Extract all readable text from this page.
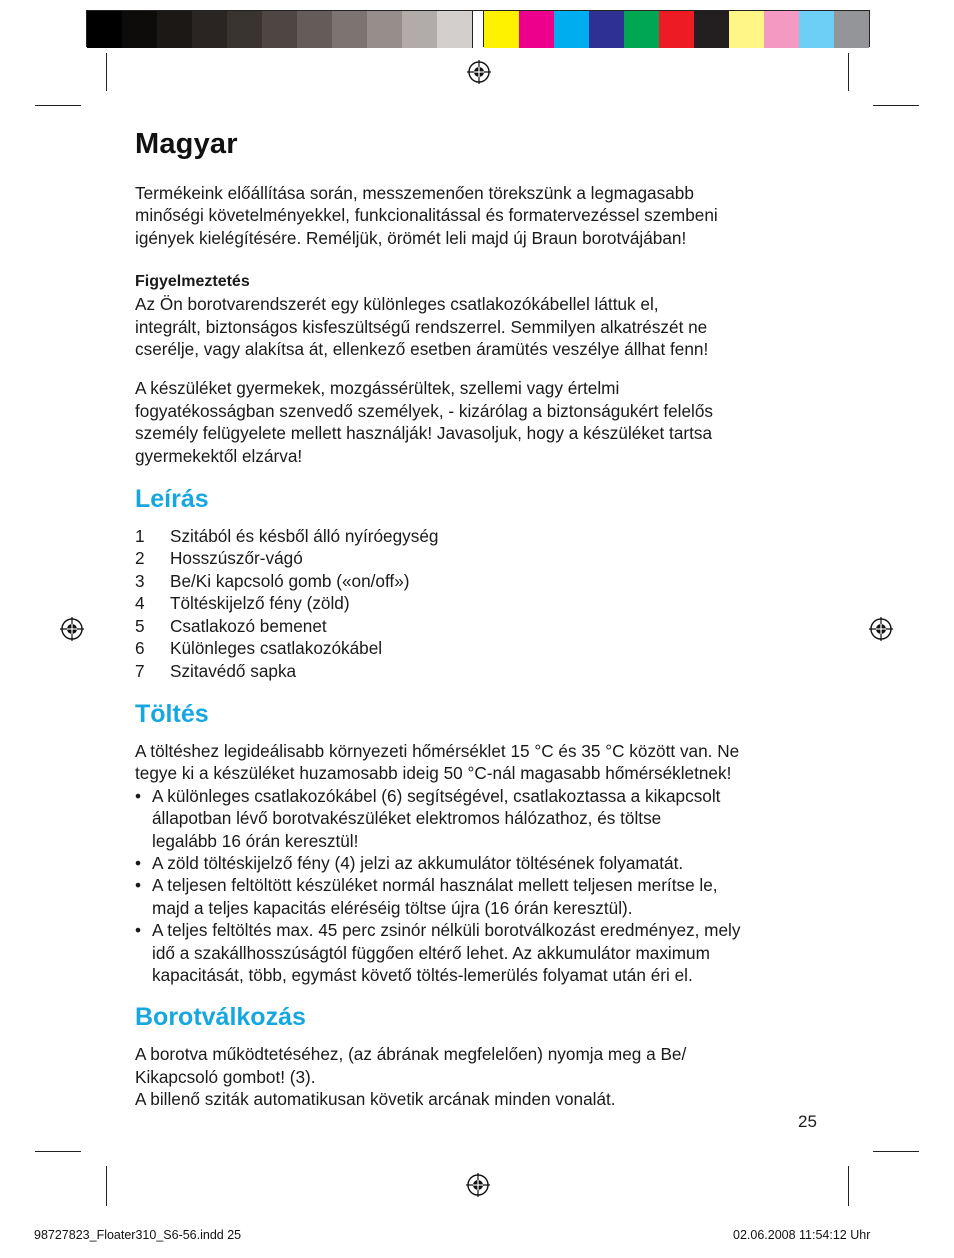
Magyar

Termékeink előállítása során, messzemenően törekszünk a legmagasabb

minőségi követelményekkel, funkcionalitással és formatervezéssel szembeni

igények kielégítésére. Reméljük, örömét leli majd új Braun borotvájában!

Figyelmeztetés

Az Ön borotvarendszerét egy különleges csatlakozókábellel láttuk el,

integrált, biztonságos kisfeszültségű rendszerrel. Semmilyen alkatrészét ne

cserélje, vagy alakítsa át, ellenkező esetben áramütés veszélye állhat fenn!

A készüléket gyermekek, mozgássérültek, szellemi vagy értelmi

fogyatékosságban szenvedő személyek, - kizárólag a biztonságukért felelős

személy felügyelete mellett használják! Javasoljuk, hogy a készüléket tartsa

gyermekektől elzárva!

Leírás
1	Szitából és késből álló nyíróegység
2	Hosszúszőr-vágó
3	Be/Ki kapcsoló gomb («on/off»)
4	Töltéskijelző fény (zöld)
5	Csatlakozó bemenet
6	Különleges csatlakozókábel
7	Szitavédő sapka
Töltés

A töltéshez legideálisabb környezeti hőmérséklet 15 °C és 35 °C között van. Ne

tegye ki a készüléket huzamosabb ideig 50 °C-nál magasabb hőmérsékletnek!

• A különleges csatlakozókábel (6) segítségével, csatlakoztassa a kikapcsolt
állapotban lévő borotvakészüléket elektromos hálózathoz, és töltse
legalább 16 órán keresztül!
• A zöld töltéskijelző fény (4) jelzi az akkumulátor töltésének folyamatát.
• A teljesen feltöltött készüléket normál használat mellett teljesen merítse le,
majd a teljes kapacitás eléréséig töltse újra (16 órán keresztül).
• A teljes feltöltés max. 45 perc zsinór nélküli borotválkozást eredményez, mely
idő a szakállhosszúságtól függően eltérő lehet. Az akkumulátor maximum
kapacitását, több, egymást követő töltés-lemerülés folyamat után éri el.
Borotválkozás

A borotva működtetéséhez, (az ábrának megfelelően) nyomja meg a Be/

Kikapcsoló gombot! (3).

A billenő sziták automatikusan követik arcának minden vonalát.

25
98727823_Floater310_S6-56.indd 25	02.06.2008 11:54:12 Uhr
